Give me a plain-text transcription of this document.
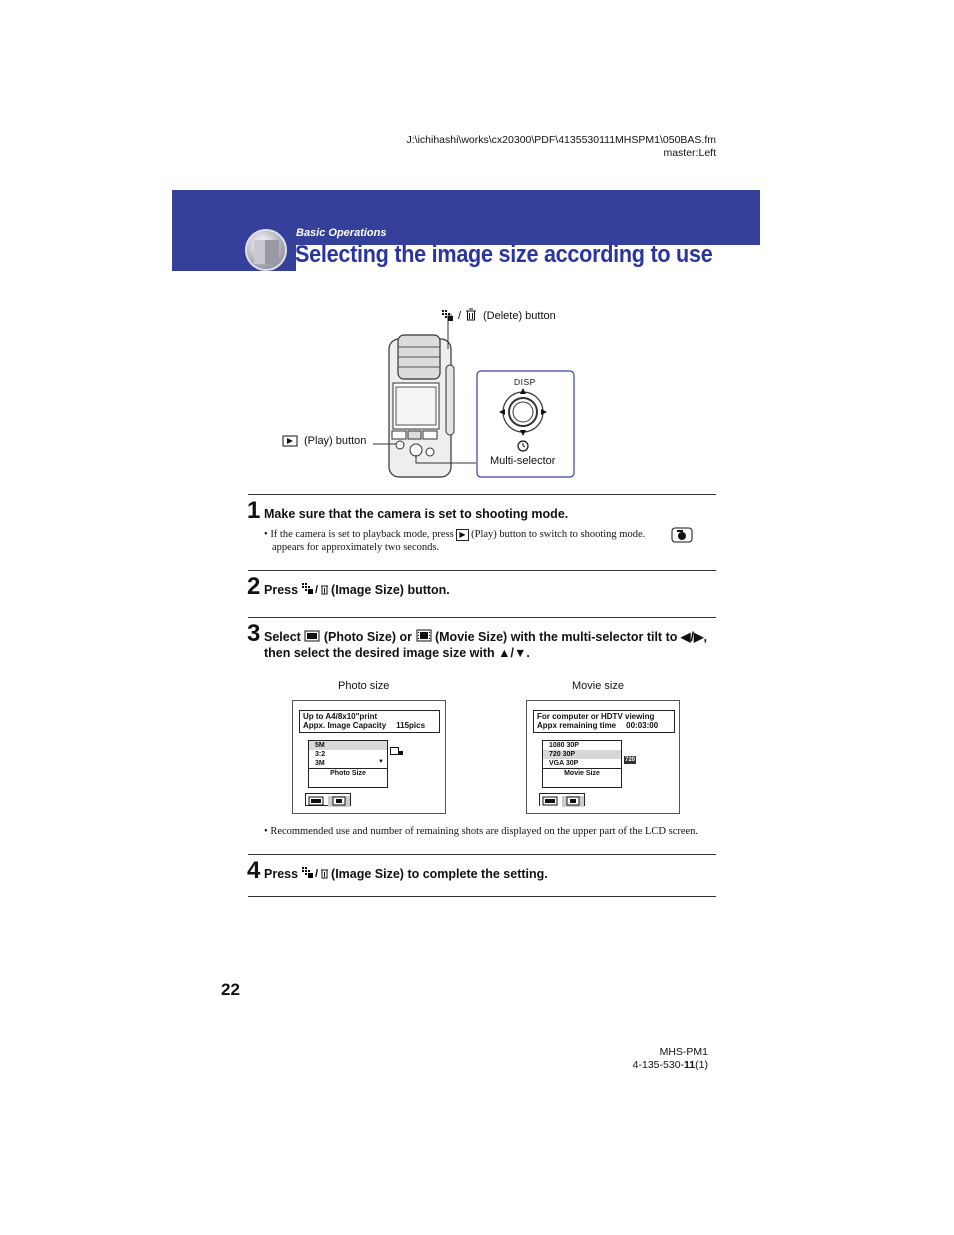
J:\ichihashi\works\cx20300\PDF\4135530111MHSPM1\050BAS.fm
master:Left
Basic Operations
Selecting the image size according to use
/ (Delete) button
(Play) button
DISP
Multi-selector
1 Make sure that the camera is set to shooting mode.
• If the camera is set to playback mode, press ▶ (Play) button to switch to shooting mode.
appears for approximately two seconds.
2 Press / (Image Size) button.
3 Select (Photo Size) or (Movie Size) with the multi-selector tilt to ◀/▶,
then select the desired image size with ▲/▼.
Photo size	Movie size
Up to A4/8x10"print
Appx. Image Capacity 115pics
5M
3:2
3M	▼
Photo Size
For computer or HDTV viewing
Appx remaining time 00:03:00
1080 30P
720 30P
VGA 30P
Movie Size
720
• Recommended use and number of remaining shots are displayed on the upper part of the LCD screen.
4 Press / (Image Size) to complete the setting.
22
MHS-PM1
4-135-530-11(1)
